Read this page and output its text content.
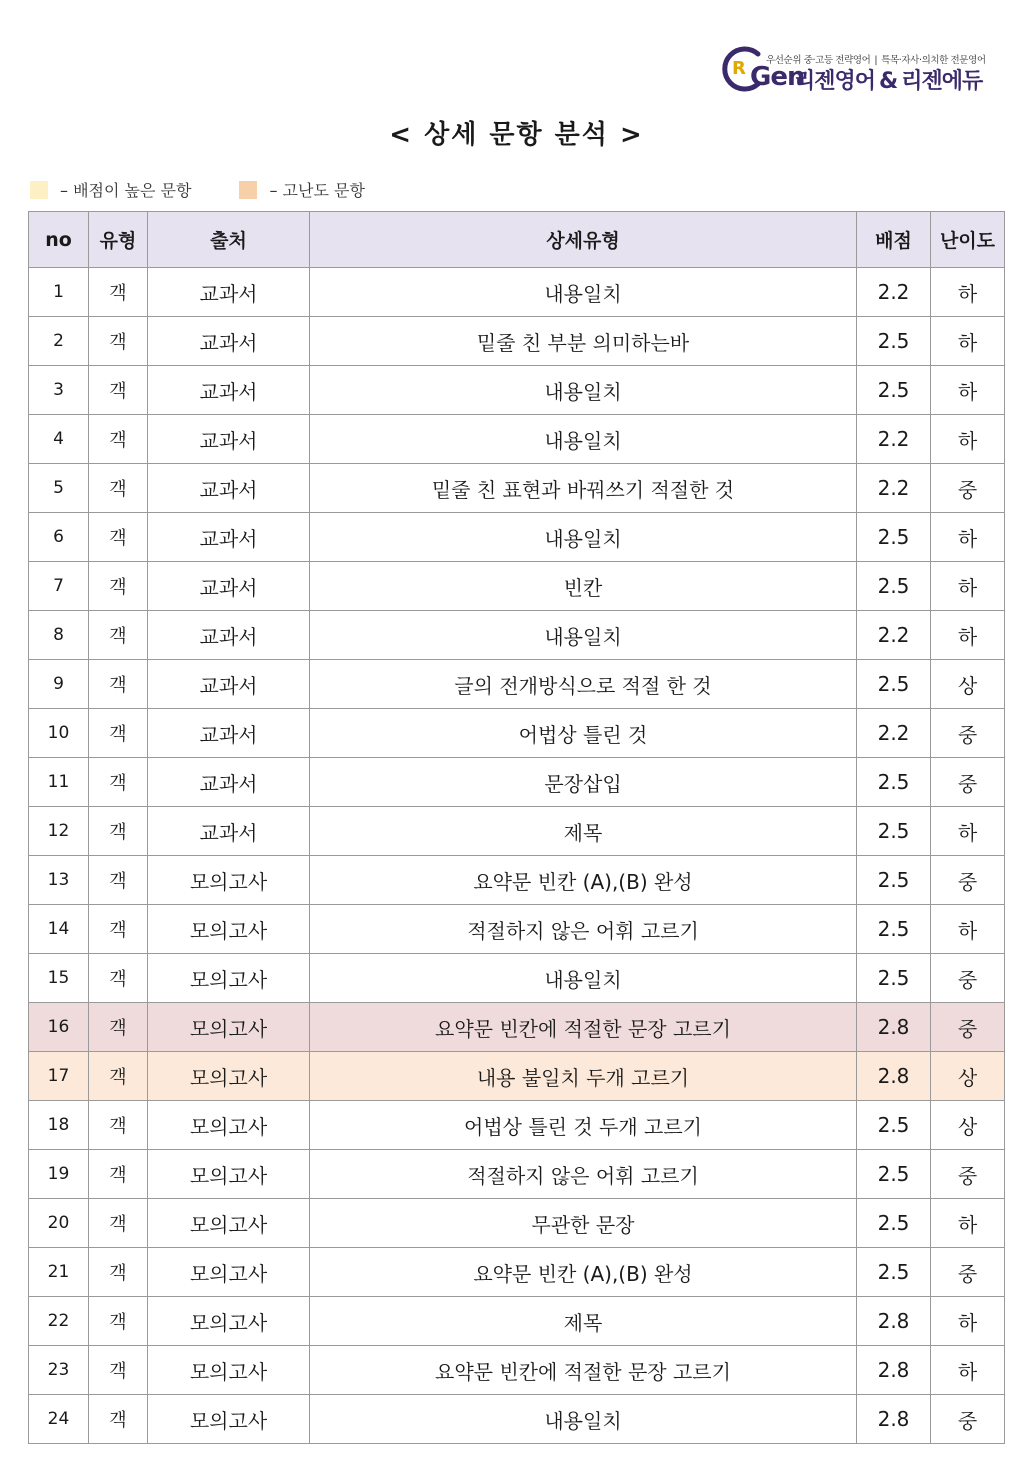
R 우선순위 중·고등 전략영어 | 특목·자사·의치한 전문영어
Gen
리젠영어 & 리젠에듀
< 상세 문항 분석 >
– 배점이 높은 문항	– 고난도 문항
no	유형	출처	상세유형	배점	난이도
1	객	교과서	내용일치	2.2	하
2	객	교과서	밑줄 친 부분 의미하는바	2.5	하
3	객	교과서	내용일치	2.5	하
4	객	교과서	내용일치	2.2	하
5	객	교과서	밑줄 친 표현과 바꿔쓰기 적절한 것	2.2	중
6	객	교과서	내용일치	2.5	하
7	객	교과서	빈칸	2.5	하
8	객	교과서	내용일치	2.2	하
9	객	교과서	글의 전개방식으로 적절 한 것	2.5	상
10	객	교과서	어법상 틀린 것	2.2	중
11	객	교과서	문장삽입	2.5	중
12	객	교과서	제목	2.5	하
13	객	모의고사	요약문 빈칸 (A),(B) 완성	2.5	중
14	객	모의고사	적절하지 않은 어휘 고르기	2.5	하
15	객	모의고사	내용일치	2.5	중
16	객	모의고사	요약문 빈칸에 적절한 문장 고르기	2.8	중
17	객	모의고사	내용 불일치 두개 고르기	2.8	상
18	객	모의고사	어법상 틀린 것 두개 고르기	2.5	상
19	객	모의고사	적절하지 않은 어휘 고르기	2.5	중
20	객	모의고사	무관한 문장	2.5	하
21	객	모의고사	요약문 빈칸 (A),(B) 완성	2.5	중
22	객	모의고사	제목	2.8	하
23	객	모의고사	요약문 빈칸에 적절한 문장 고르기	2.8	하
24	객	모의고사	내용일치	2.8	중
